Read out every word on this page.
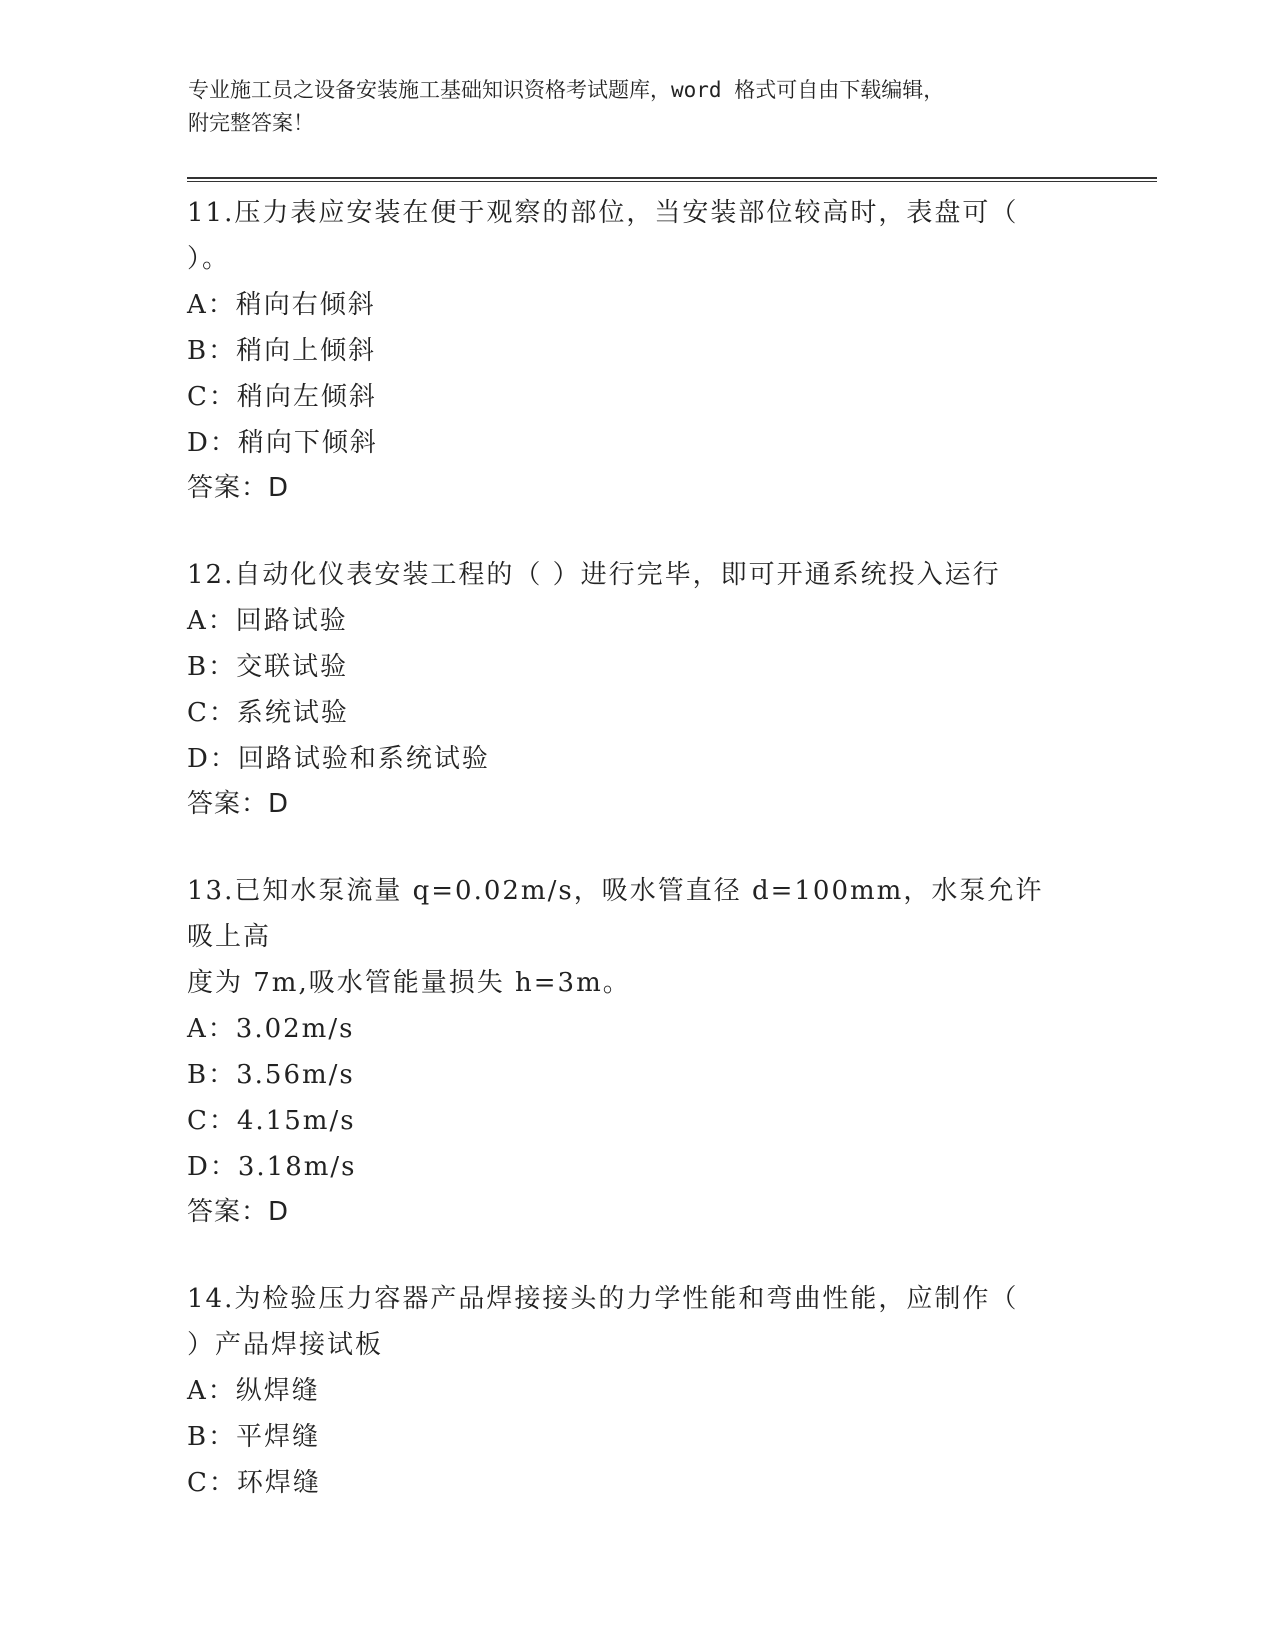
专业施工员之设备安装施工基础知识资格考试题库，word 格式可自由下载编辑，
附完整答案！
11.压力表应安装在便于观察的部位，当安装部位较高时，表盘可（
）。
A：稍向右倾斜
B：稍向上倾斜
C：稍向左倾斜
D：稍向下倾斜
答案：D
12.自动化仪表安装工程的（ ）进行完毕，即可开通系统投入运行
A：回路试验
B：交联试验
C：系统试验
D：回路试验和系统试验
答案：D
13.已知水泵流量 q=0.02m/s，吸水管直径 d=100mm，水泵允许吸上高
度为 7m,吸水管能量损失 h=3m。
A：3.02m/s
B：3.56m/s
C：4.15m/s
D：3.18m/s
答案：D
14.为检验压力容器产品焊接接头的力学性能和弯曲性能，应制作（
）产品焊接试板
A：纵焊缝
B：平焊缝
C：环焊缝
